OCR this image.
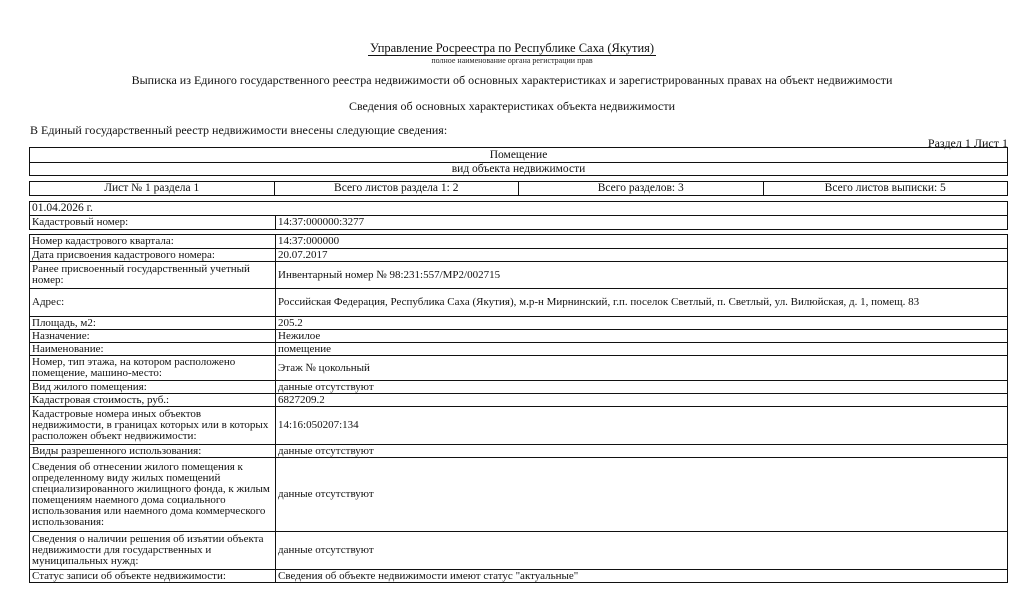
Управление Росреестра по Республике Саха (Якутия)
полное наименование органа регистрации прав
Выписка из Единого государственного реестра недвижимости об основных характеристиках и зарегистрированных правах на объект недвижимости
Сведения об основных характеристиках объекта недвижимости
В Единый государственный реестр недвижимости внесены следующие сведения:
Раздел 1 Лист 1
Помещение
вид объекта недвижимости
Лист № 1 раздела 1	Всего листов раздела 1: 2	Всего разделов: 3	Всего листов выписки: 5
01.04.2026 г.
Кадастровый номер:	14:37:000000:3277

Номер кадастрового квартала:	14:37:000000
Дата присвоения кадастрового номера:	20.07.2017
Ранее присвоенный государственный учетный номер:	Инвентарный номер № 98:231:557/МР2/002715
Адрес:	Российская Федерация, Республика Саха (Якутия), м.р-н Мирнинский, г.п. поселок Светлый, п. Светлый, ул. Вилюйская, д. 1, помещ. 83
Площадь, м2:	205.2
Назначение:	Нежилое
Наименование:	помещение
Номер, тип этажа, на котором расположено помещение, машино-место:	Этаж № цокольный
Вид жилого помещения:	данные отсутствуют
Кадастровая стоимость, руб.:	6827209.2
Кадастровые номера иных объектов недвижимости, в границах которых или в которых расположен объект недвижимости:	14:16:050207:134
Виды разрешенного использования:	данные отсутствуют
Сведения об отнесении жилого помещения к определенному виду жилых помещений специализированного жилищного фонда, к жилым помещениям наемного дома социального использования или наемного дома коммерческого использования:	данные отсутствуют
Сведения о наличии решения об изъятии объекта недвижимости для государственных и муниципальных нужд:	данные отсутствуют
Статус записи об объекте недвижимости:	Сведения об объекте недвижимости имеют статус "актуальные"
